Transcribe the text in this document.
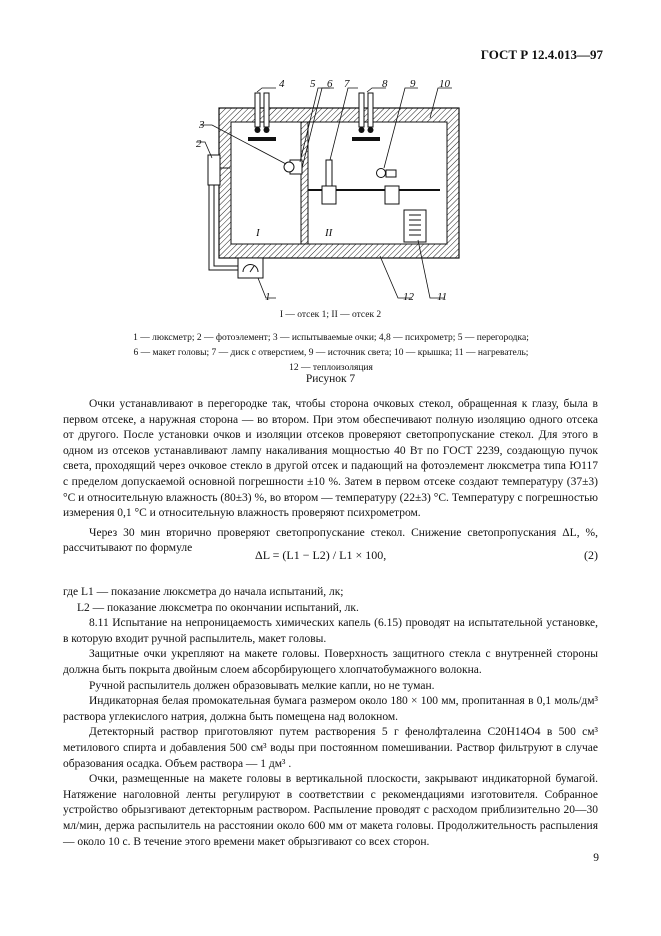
ГОСТ Р 12.4.013—97
4 5 6 7	8 9 10
3
2
1	12 11
I	II
I — отсек 1; II — отсек 2
1 — люксметр; 2 — фотоэлемент; 3 — испытываемые очки; 4,8 — психрометр; 5 — перегородка;
6 — макет головы; 7 — диск с отверстием, 9 — источник света; 10 — крышка; 11 — нагреватель;
12 — теплоизоляция
Рисунок 7

Очки устанавливают в перегородке так, чтобы сторона очковых стекол, обращенная к глазу, была в первом отсеке, а наружная сторона — во втором. При этом обеспечивают полную изоляцию одного отсека от другого. После установки очков и изоляции отсеков проверяют светопропускание стекол. Для этого в одном из отсеков устанавливают лампу накаливания мощностью 40 Вт по ГОСТ 2239, создающую пучок света, проходящий через очковое стекло в другой отсек и падающий на фотоэлемент люксметра типа Ю117 с пределом допускаемой основной погрешности ±10 %. Затем в первом отсеке создают температуру (37±3) °С и относительную влажность (80±3) %, во втором — температуру (22±3) °С. Температуру с погрешностью измерения 0,1 °С и относительную влажность проверяют психрометром.

Через 30 мин вторично проверяют светопропускание стекол. Снижение светопропускания ΔL, %, рассчитывают по формуле	ΔL = (L1 − L2) / L1 × 100,	(2)

где L1 — показание люксметра до начала испытаний, лк;

L2 — показание люксметра по окончании испытаний, лк.

8.11 Испытание на непроницаемость химических капель (6.15) проводят на испытательной установке, в которую входит ручной распылитель, макет головы.

Защитные очки укрепляют на макете головы. Поверхность защитного стекла с внутренней стороны должна быть покрыта двойным слоем абсорбирующего хлопчатобумажного волокна.

Ручной распылитель должен образовывать мелкие капли, но не туман.

Индикаторная белая промокательная бумага размером около 180 × 100 мм, пропитанная в 0,1 моль/дм³ раствора углекислого натрия, должна быть помещена над волокном.

Детекторный раствор приготовляют путем растворения 5 г фенолфталеина C20H14O4 в 500 см³ метилового спирта и добавления 500 см³ воды при постоянном помешивании. Раствор фильтруют в случае образования осадка. Объем раствора — 1 дм³ .

Очки, размещенные на макете головы в вертикальной плоскости, закрывают индикаторной бумагой. Натяжение наголовной ленты регулируют в соответствии с рекомендациями изготовителя. Собранное устройство обрызгивают детекторным раствором. Распыление проводят с расходом приблизительно 20—30 мл/мин, держа распылитель на расстоянии около 600 мм от макета головы. Продолжительность распыления — около 10 с. В течение этого времени макет обрызгивают со всех сторон.

9
